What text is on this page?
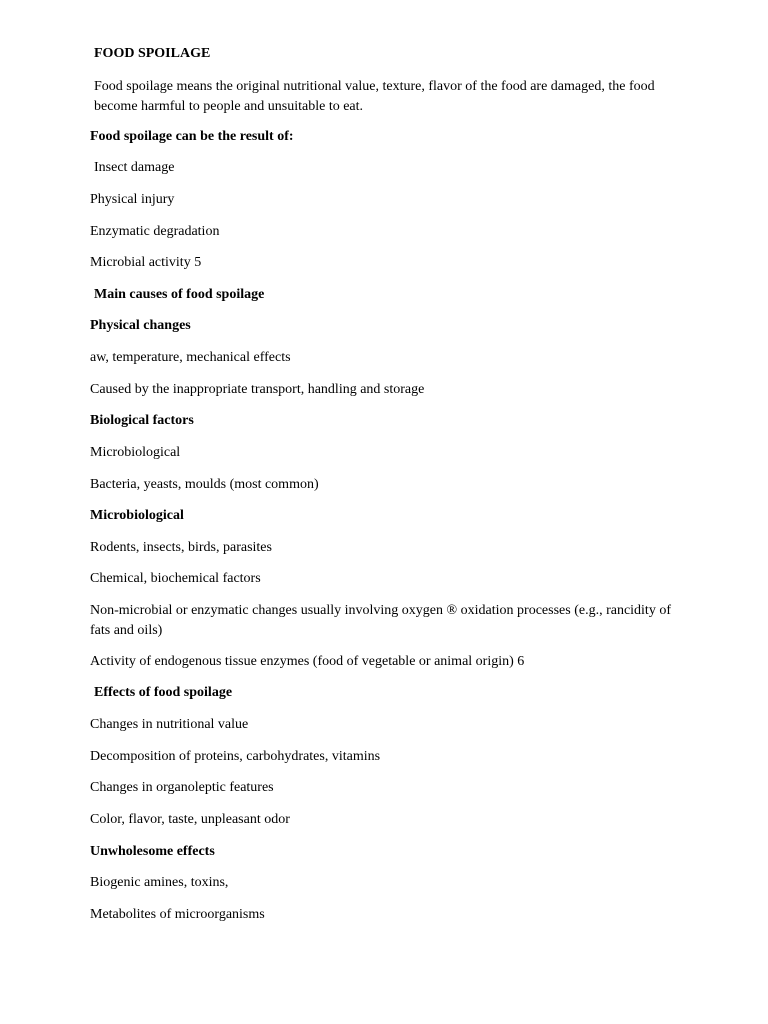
FOOD SPOILAGE

Food spoilage means the original nutritional value, texture, flavor of the food are damaged, the food become harmful to people and unsuitable to eat.

Food spoilage can be the result of:

Insect damage

Physical injury

Enzymatic degradation

Microbial activity 5

Main causes of food spoilage

Physical changes

aw, temperature, mechanical effects

Caused by the inappropriate transport, handling and storage

Biological factors

Microbiological

Bacteria, yeasts, moulds (most common)

Microbiological

Rodents, insects, birds, parasites

Chemical, biochemical factors

Non-microbial or enzymatic changes usually involving oxygen ® oxidation processes (e.g., rancidity of fats and oils)

Activity of endogenous tissue enzymes (food of vegetable or animal origin) 6

Effects of food spoilage

Changes in nutritional value

Decomposition of proteins, carbohydrates, vitamins

Changes in organoleptic features

Color, flavor, taste, unpleasant odor

Unwholesome effects

Biogenic amines, toxins,

Metabolites of microorganisms
